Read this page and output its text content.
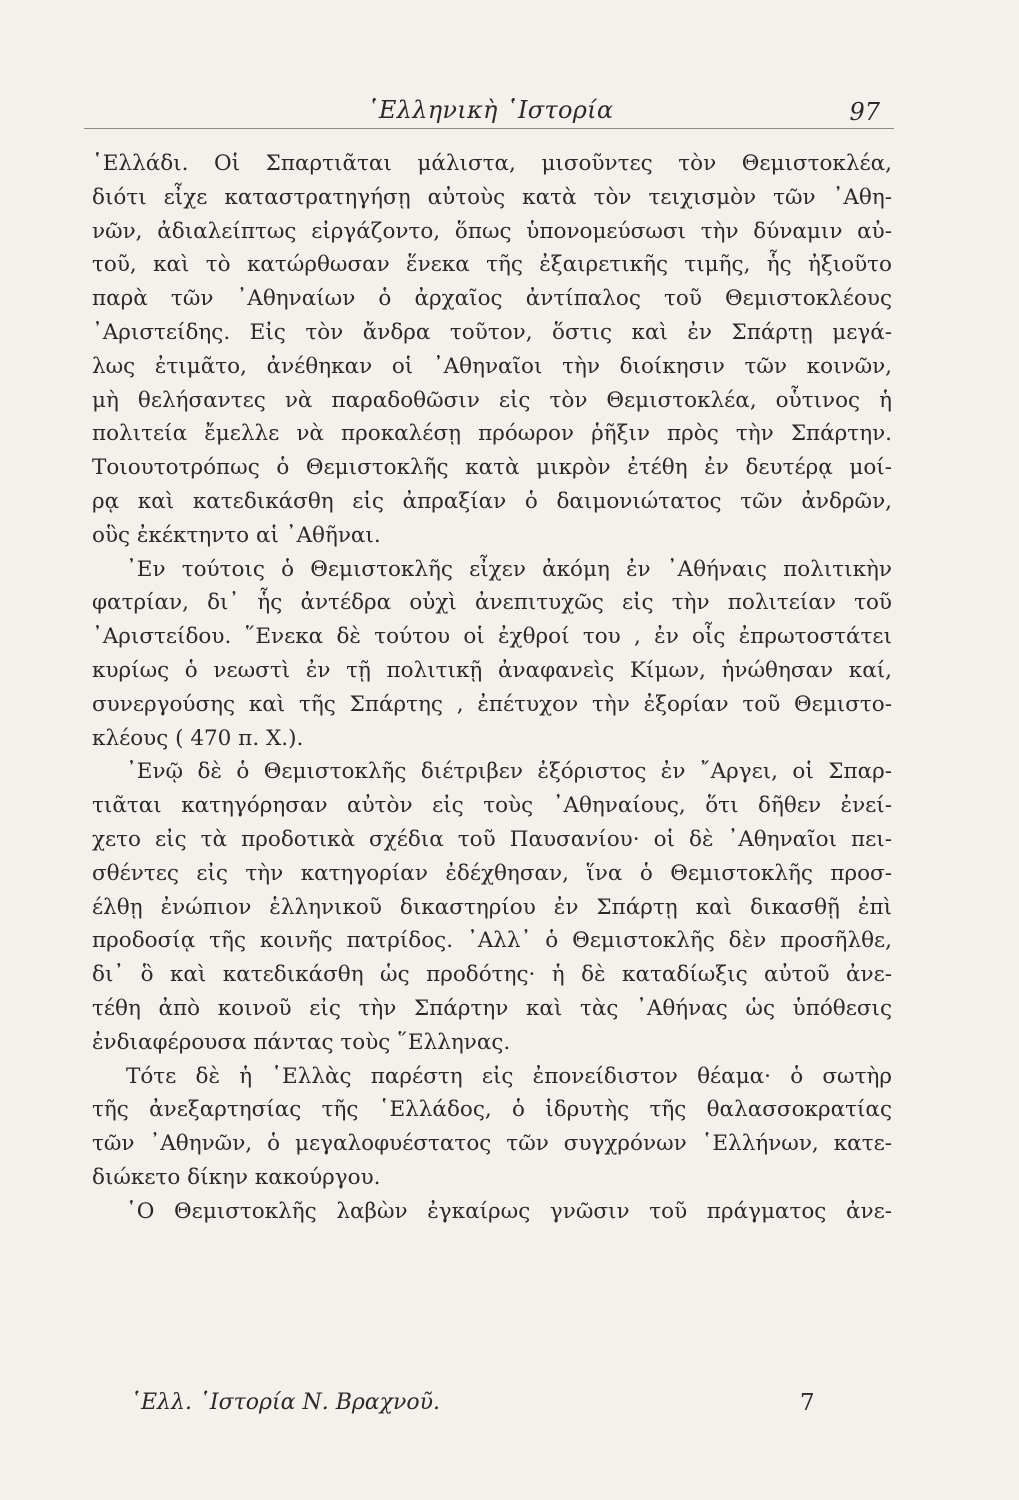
῾Ελληνικὴ ῾Ιστορία	97
῾Ελλάδι. Οἱ Σπαρτιᾶται μάλιστα, μισοῦντες τὸν Θεμιστοκλέα,
διότι εἶχε καταστρατηγήσῃ αὐτοὺς κατὰ τὸν τειχισμὸν τῶν ᾿Αθη-
νῶν, ἀδιαλείπτως εἰργάζοντο, ὅπως ὑπονομεύσωσι τὴν δύναμιν αὐ-
τοῦ, καὶ τὸ κατώρθωσαν ἕνεκα τῆς ἐξαιρετικῆς τιμῆς, ἧς ἠξιοῦτο
παρὰ τῶν ᾿Αθηναίων ὁ ἀρχαῖος ἀντίπαλος τοῦ Θεμιστοκλέους
᾿Αριστείδης. Εἰς τὸν ἄνδρα τοῦτον, ὅστις καὶ ἐν Σπάρτῃ μεγά-
λως ἐτιμᾶτο, ἀνέθηκαν οἱ ᾿Αθηναῖοι τὴν διοίκησιν τῶν κοινῶν,
μὴ θελήσαντες νὰ παραδοθῶσιν εἰς τὸν Θεμιστοκλέα, οὗτινος ἡ
πολιτεία ἔμελλε νὰ προκαλέσῃ πρόωρον ῥῆξιν πρὸς τὴν Σπάρτην.
Τοιουτοτρόπως ὁ Θεμιστοκλῆς κατὰ μικρὸν ἐτέθη ἐν δευτέρᾳ μοί-
ρᾳ καὶ κατεδικάσθη εἰς ἀπραξίαν ὁ δαιμονιώτατος τῶν ἀνδρῶν,
οὓς ἐκέκτηντο αἱ ᾿Αθῆναι.
᾿Εν τούτοις ὁ Θεμιστοκλῆς εἶχεν ἀκόμη ἐν ᾿Αθήναις πολιτικὴν
φατρίαν, δι᾿ ἧς ἀντέδρα οὐχὶ ἀνεπιτυχῶς εἰς τὴν πολιτείαν τοῦ
᾿Αριστείδου. ῞Ενεκα δὲ τούτου οἱ ἐχθροί του , ἐν οἷς ἐπρωτοστάτει
κυρίως ὁ νεωστὶ ἐν τῇ πολιτικῇ ἀναφανεὶς Κίμων, ἡνώθησαν καί,
συνεργούσης καὶ τῆς Σπάρτης , ἐπέτυχον τὴν ἐξορίαν τοῦ Θεμιστο-
κλέους ( 470 π. Χ.).
᾿Ενῷ δὲ ὁ Θεμιστοκλῆς διέτριβεν ἐξόριστος ἐν ῎Αργει, οἱ Σπαρ-
τιᾶται κατηγόρησαν αὐτὸν εἰς τοὺς ᾿Αθηναίους, ὅτι δῆθεν ἐνεί-
χετο εἰς τὰ προδοτικὰ σχέδια τοῦ Παυσανίου· οἱ δὲ ᾿Αθηναῖοι πει-
σθέντες εἰς τὴν κατηγορίαν ἐδέχθησαν, ἵνα ὁ Θεμιστοκλῆς προσ-
έλθῃ ἐνώπιον ἑλληνικοῦ δικαστηρίου ἐν Σπάρτῃ καὶ δικασθῇ ἐπὶ
προδοσίᾳ τῆς κοινῆς πατρίδος. ᾿Αλλ᾿ ὁ Θεμιστοκλῆς δὲν προσῆλθε,
δι᾿ ὃ καὶ κατεδικάσθη ὡς προδότης· ἡ δὲ καταδίωξις αὐτοῦ ἀνε-
τέθη ἀπὸ κοινοῦ εἰς τὴν Σπάρτην καὶ τὰς ᾿Αθήνας ὡς ὑπόθεσις
ἐνδιαφέρουσα πάντας τοὺς ῞Ελληνας.
Τότε δὲ ἡ ῾Ελλὰς παρέστη εἰς ἐπονείδιστον θέαμα· ὁ σωτὴρ
τῆς ἀνεξαρτησίας τῆς ῾Ελλάδος, ὁ ἱδρυτὴς τῆς θαλασσοκρατίας
τῶν ᾿Αθηνῶν, ὁ μεγαλοφυέστατος τῶν συγχρόνων ῾Ελλήνων, κατε-
διώκετο δίκην κακούργου.
῾Ο Θεμιστοκλῆς λαβὼν ἐγκαίρως γνῶσιν τοῦ πράγματος ἀνε-
῾Ελλ. ῾Ιστορία Ν. Βραχνοῦ.	7
